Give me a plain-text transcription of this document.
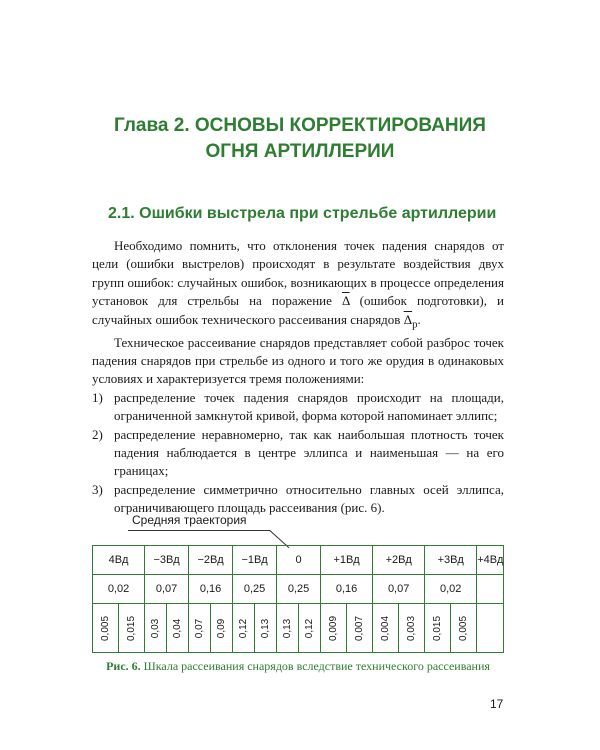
Глава 2. ОСНОВЫ КОРРЕКТИРОВАНИЯ
ОГНЯ АРТИЛЛЕРИИ
2.1. Ошибки выстрела при стрельбе артиллерии

Необходимо помнить, что отклонения точек падения снарядов от цели (ошибки выстрелов) происходят в результате воздействия двух групп ошибок: случайных ошибок, возникающих в процессе определения установок для стрельбы на поражение $\overline{\Delta}$ (ошибок подготовки), и случайных ошибок технического рассеивания снарядов $\overline{\Delta}_р$.

Техническое рассеивание снарядов представляет собой разброс точек падения снарядов при стрельбе из одного и того же орудия в одинаковых условиях и характеризуется тремя положениями:

1) распределение точек падения снарядов происходит на площади, ограниченной замкнутой кривой, форма которой напоминает эллипс;
2) распределение неравномерно, так как наибольшая плотность точек падения наблюдается в центре эллипса и наименьшая — на его границах;
3) распределение симметрично относительно главных осей эллипса, ограничивающего площадь рассеивания (рис. 6).
Средняя траектория
4Вд		−3Вд		−2Вд		−1Вд		0		+1Вд		+2Вд		+3Вд		+4Вд
0,02		0,07		0,16		0,25		0,25		0,16		0,07		0,02		
0,005	0,015	0,03	0,04	0,07	0,09	0,12	0,13	0,13	0,12	0,009	0,007	0,004	0,003	0,015	0,005	
Рис. 6. Шкала рассеивания снарядов вследствие технического рассеивания
17
